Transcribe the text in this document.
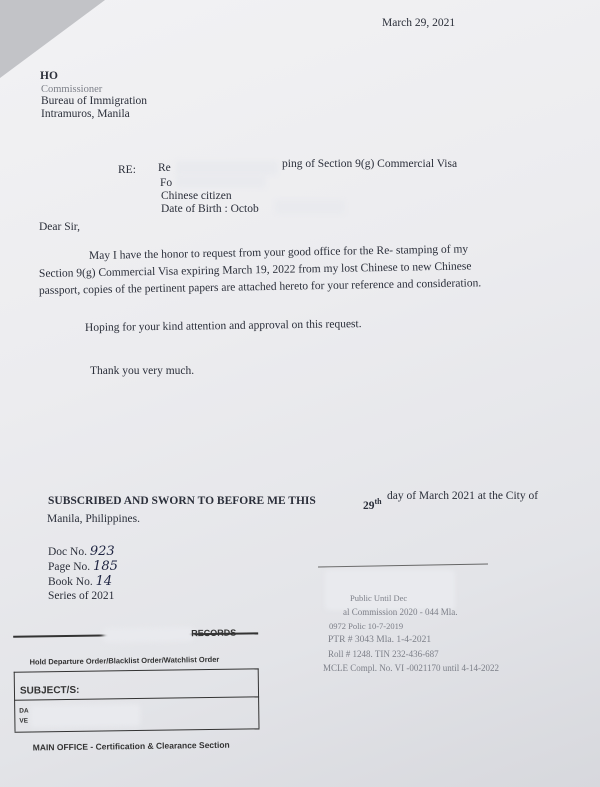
March 29, 2021
HO
Commissioner
Bureau of Immigration
Intramuros, Manila
RE: Re	ping of Section 9(g) Commercial Visa
Fo
Chinese citizen
Date of Birth : Octob
Dear Sir,
May I have the honor to request from your good office for the Re- stamping of my
Section 9(g) Commercial Visa expiring March 19, 2022 from my lost Chinese to new Chinese
passport, copies of the pertinent papers are attached hereto for your reference and consideration.
Hoping for your kind attention and approval on this request.
Thank you very much.
SUBSCRIBED AND SWORN TO BEFORE ME THIS	29th day of March 2021 at the City of
Manila, Philippines.
Doc No. 923
Page No. 185
Book No. 14
Series of 2021	Public Until Dec
al Commission 2020 - 044 Mla.
0972 Polic 10-7-2019
PTR # 3043 Mla. 1-4-2021
Roll # 1248. TIN 232-436-687
MCLE Compl. No. VI -0021170 until 4-14-2022
RECORDS
Hold Departure Order/Blacklist Order/Watchlist Order
SUBJECT/S:
DA
VE
MAIN OFFICE - Certification & Clearance Section
